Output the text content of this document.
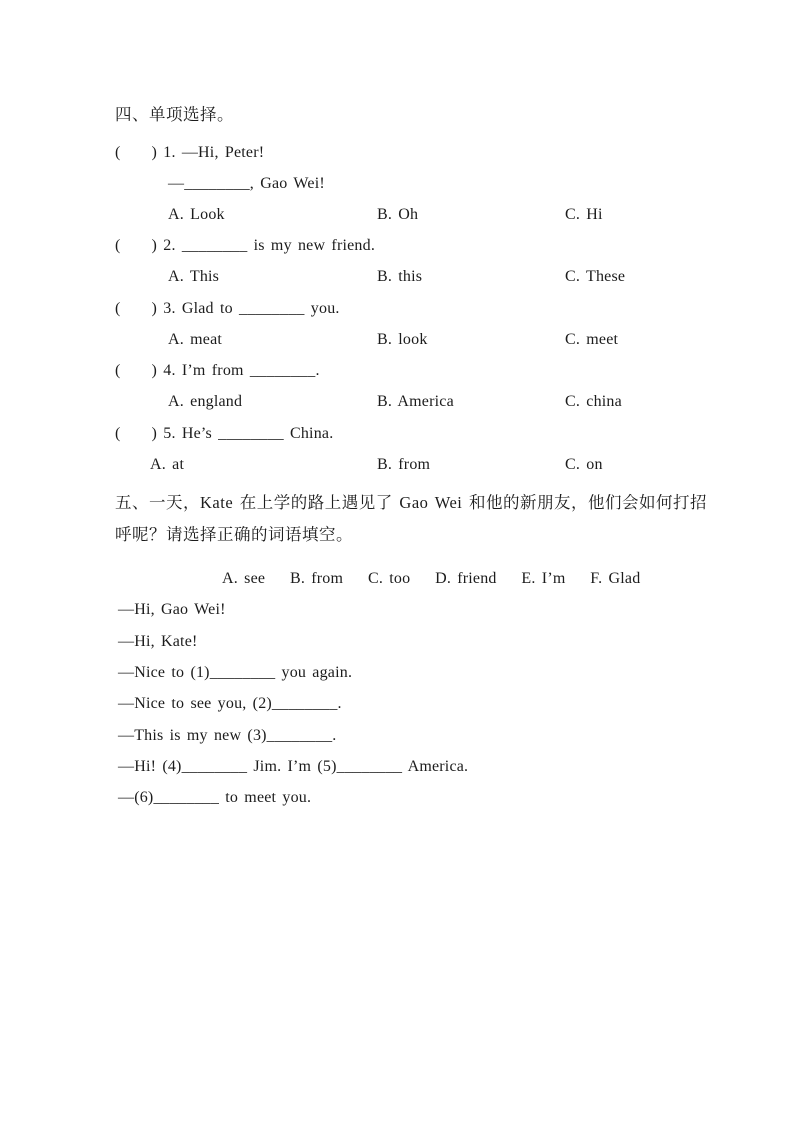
四、单项选择。
(     ) 1. —Hi, Peter!
—________, Gao Wei!
A. Look	B. Oh	C. Hi
(     ) 2. ________ is my new friend.
A. This	B. this	C. These
(     ) 3. Glad to ________ you.
A. meat	B. look	C. meet
(     ) 4. I’m from ________.
A. england	B. America	C. china
(     ) 5. He’s ________ China.
A. at	B. from	C. on
五、一天，Kate 在上学的路上遇见了 Gao Wei 和他的新朋友，他们会如何打招
呼呢？请选择正确的词语填空。
A. see    B. from    C. too    D. friend    E. I’m    F. Glad
—Hi, Gao Wei!
—Hi, Kate!
—Nice to (1)________ you again.
—Nice to see you, (2)________.
—This is my new (3)________.
—Hi! (4)________ Jim. I’m (5)________ America.
—(6)________ to meet you.
